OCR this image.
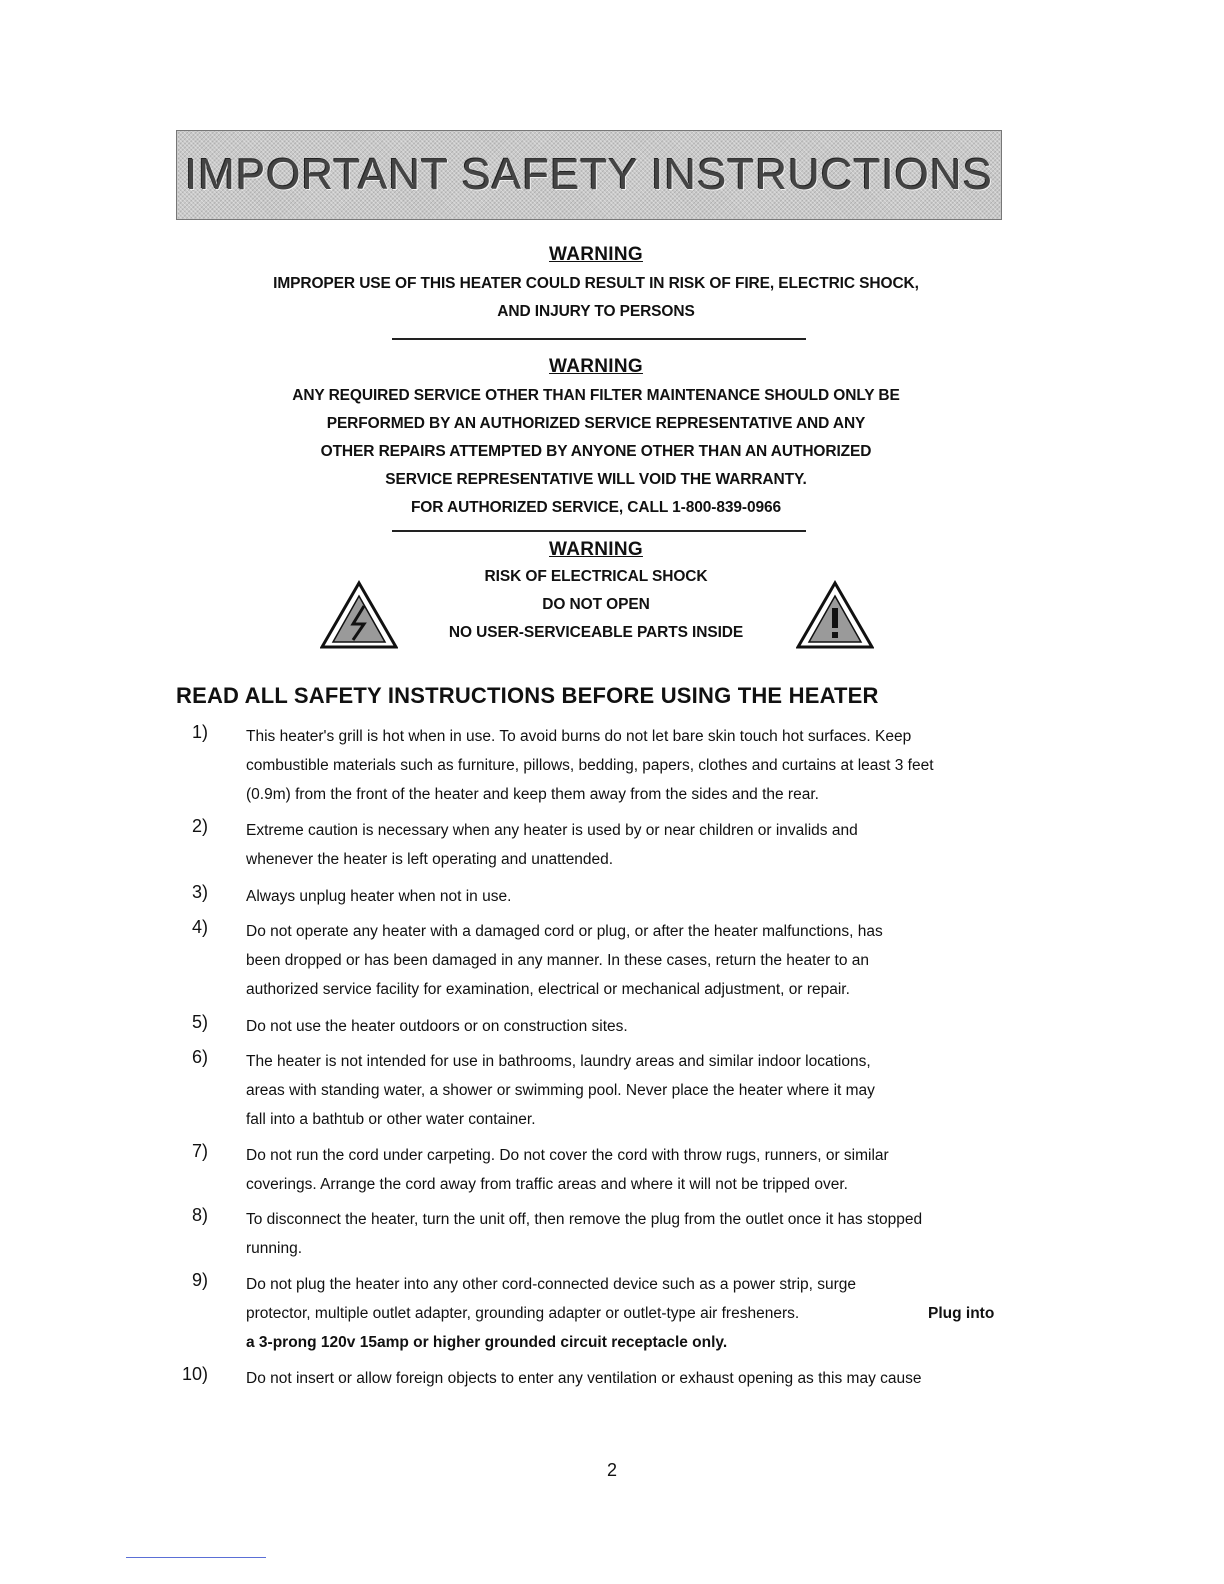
IMPORTANT SAFETY INSTRUCTIONS
WARNING
IMPROPER USE OF THIS HEATER COULD RESULT IN RISK OF FIRE, ELECTRIC SHOCK,
AND INJURY TO PERSONS
WARNING
ANY REQUIRED SERVICE OTHER THAN FILTER MAINTENANCE SHOULD ONLY BE
PERFORMED BY AN AUTHORIZED SERVICE REPRESENTATIVE AND ANY
OTHER REPAIRS ATTEMPTED BY ANYONE OTHER THAN AN AUTHORIZED
SERVICE REPRESENTATIVE WILL VOID THE WARRANTY.
FOR AUTHORIZED SERVICE, CALL 1-800-839-0966
WARNING
RISK OF ELECTRICAL SHOCK
DO NOT OPEN
NO USER-SERVICEABLE PARTS INSIDE
READ ALL SAFETY INSTRUCTIONS BEFORE USING THE HEATER
1) This heater's grill is hot when in use. To avoid burns do not let bare skin touch hot surfaces. Keep
combustible materials such as furniture, pillows, bedding, papers, clothes and curtains at least 3 feet
(0.9m) from the front of the heater and keep them away from the sides and the rear.
2) Extreme caution is necessary when any heater is used by or near children or invalids and
whenever the heater is left operating and unattended.
3) Always unplug heater when not in use.
4) Do not operate any heater with a damaged cord or plug, or after the heater malfunctions, has
been dropped or has been damaged in any manner. In these cases, return the heater to an
authorized service facility for examination, electrical or mechanical adjustment, or repair.
5) Do not use the heater outdoors or on construction sites.
6) The heater is not intended for use in bathrooms, laundry areas and similar indoor locations,
areas with standing water, a shower or swimming pool. Never place the heater where it may
fall into a bathtub or other water container.
7) Do not run the cord under carpeting. Do not cover the cord with throw rugs, runners, or similar
coverings. Arrange the cord away from traffic areas and where it will not be tripped over.
8) To disconnect the heater, turn the unit off, then remove the plug from the outlet once it has stopped
running.
9) Do not plug the heater into any other cord-connected device such as a power strip, surge
protector, multiple outlet adapter, grounding adapter or outlet-type air fresheners.
a 3-prong 120v 15amp or higher grounded circuit receptacle only.
Plug into
10) Do not insert or allow foreign objects to enter any ventilation or exhaust opening as this may cause
2
